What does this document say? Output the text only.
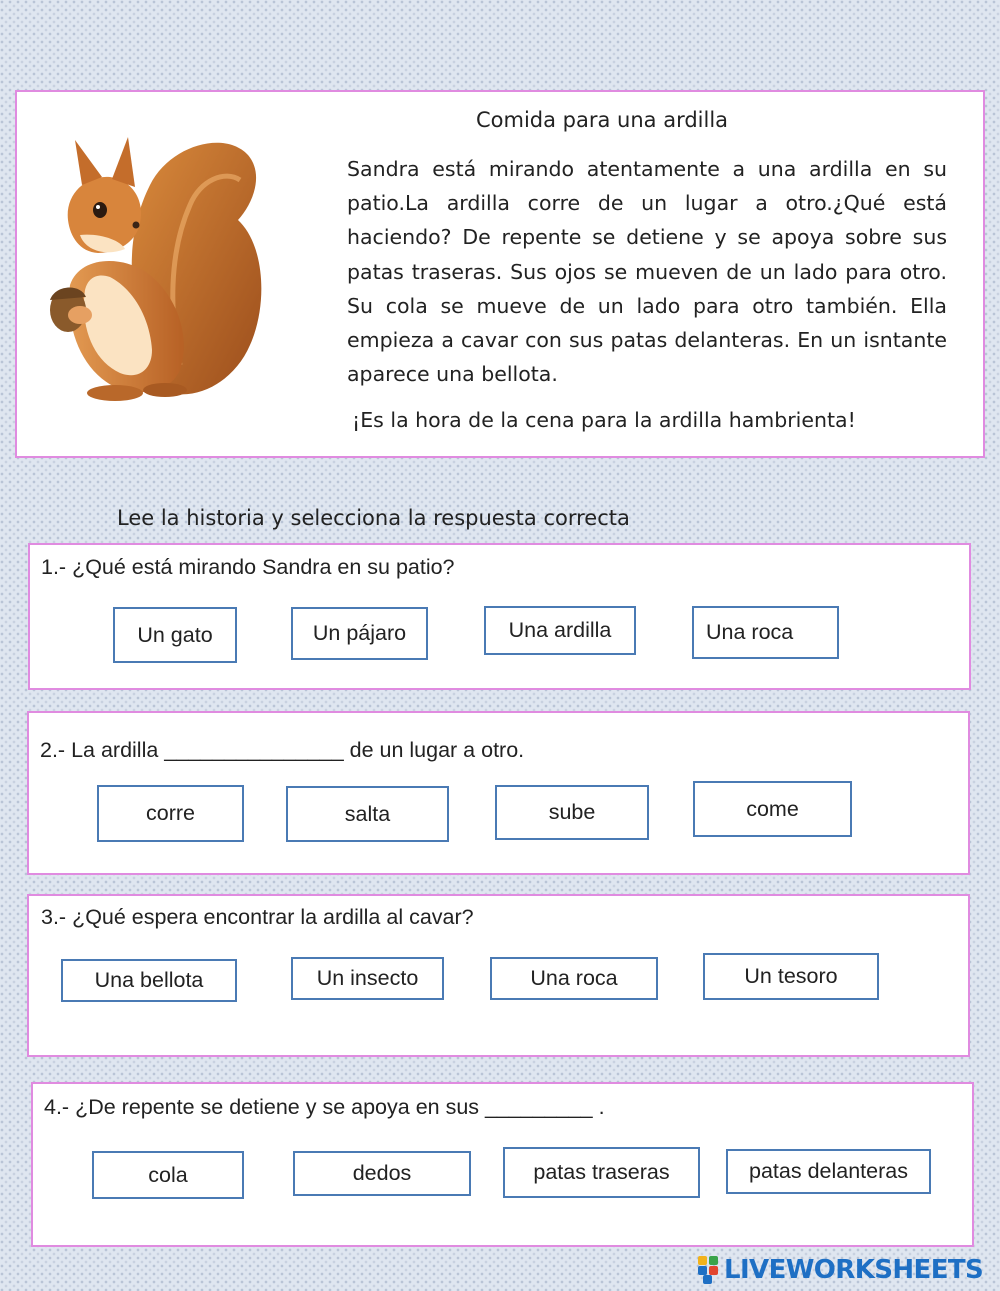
Comida para una ardilla
Sandra está mirando atentamente a una ardilla en su patio.La ardilla corre de un lugar a otro.¿Qué está haciendo? De repente se detiene y se apoya sobre sus patas traseras. Sus ojos se mueven de un lado para otro. Su cola se mueve de un lado para otro también. Ella empieza a cavar con sus patas delanteras. En un isntante aparece una bellota.
¡Es la hora de la cena para la ardilla hambrienta!
Lee la historia y selecciona la respuesta correcta
1.- ¿Qué está mirando Sandra en su patio?
Un gato	Un pájaro	Una ardilla	Una roca
2.- La ardilla _______________ de un lugar a otro.
corre	salta	sube	come
3.- ¿Qué espera encontrar la ardilla al cavar?
Una bellota	Un insecto	Una roca	Un tesoro
4.- ¿De repente se detiene y se apoya en sus _________ .
cola	dedos	patas traseras	patas delanteras
LIVEWORKSHEETS
